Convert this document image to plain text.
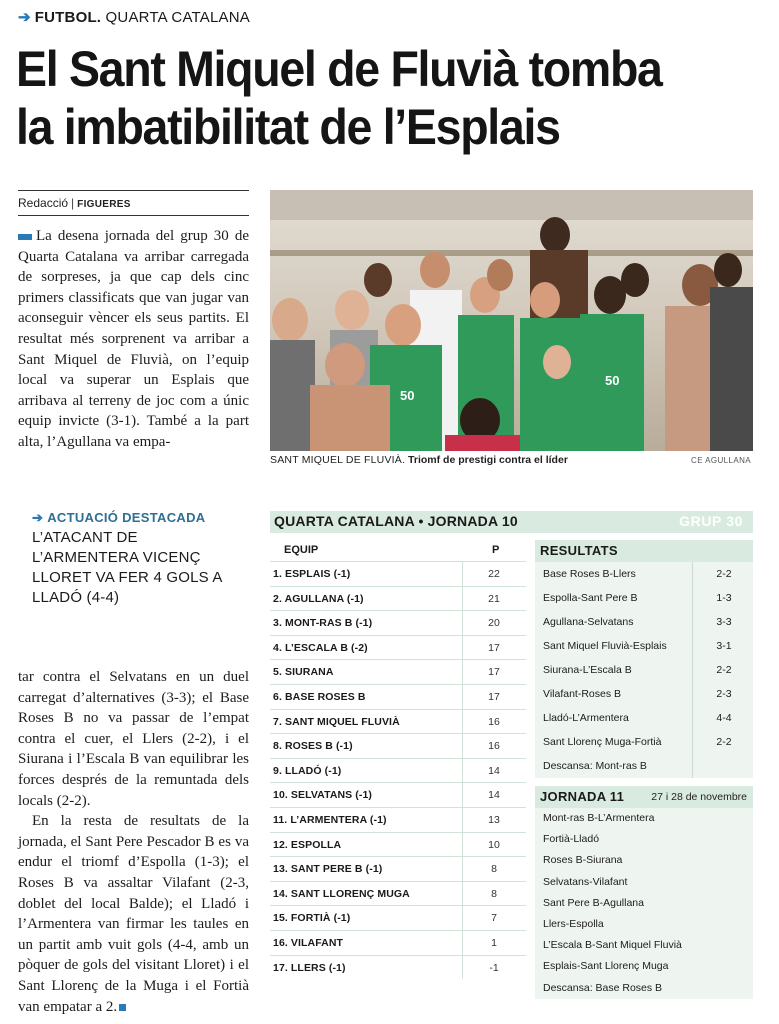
➔ FUTBOL. QUARTA CATALANA
El Sant Miquel de Fluvià tomba
la imbatibilitat de l’Esplais
Redacció | FIGUERES

La desena jornada del grup 30 de Quarta Catalana va arribar carregada de sorpreses, ja que cap dels cinc primers classificats que van jugar van aconseguir vèncer els seus partits. El resultat més sorprenent va arribar a Sant Miquel de Fluvià, on l’equip local va superar un Esplais que arribava al terreny de joc com a únic equip invicte (3-1). També a la part alta, l’Agullana va empa-

➔ ACTUACIÓ DESTACADA
L’ATACANT DE L’ARMENTERA VICENÇ LLORET VA FER 4 GOLS A LLADÓ (4-4)

tar contra el Selvatans en un duel carregat d’alternatives (3-3); el Base Roses B no va passar de l’empat contra el cuer, el Llers (2-2), i el Siurana i l’Escala B van equilibrar les forces després de la remuntada dels locals (2-2).

En la resta de resultats de la jornada, el Sant Pere Pescador B es va endur el triomf d’Espolla (1-3); el Roses B va assaltar Vilafant (2-3, doblet del local Balde); el Lladó i l’Armentera van firmar les taules en un partit amb vuit gols (4-4, amb un pòquer de gols del visitant Lloret) i el Sant Llorenç de la Muga i el Fortià van empatar a 2.

50
50
SANT MIQUEL DE FLUVIÀ. Triomf de prestigi contra el líder	CE AGULLANA
QUARTA CATALANA • JORNADA 10	GRUP 30
EQUIP	P
1. ESPLAIS (-1)	22
2. AGULLANA (-1)	21
3. MONT-RAS B (-1)	20
4. L’ESCALA B (-2)	17
5. SIURANA	17
6. BASE ROSES B	17
7. SANT MIQUEL FLUVIÀ	16
8. ROSES B (-1)	16
9. LLADÓ (-1)	14
10. SELVATANS (-1)	14
11. L’ARMENTERA (-1)	13
12. ESPOLLA	10
13. SANT PERE B (-1)	8
14. SANT LLORENÇ MUGA	8
15. FORTIÀ (-1)	7
16. VILAFANT	1
17. LLERS (-1)	-1
RESULTATS
Base Roses B-Llers	2-2
Espolla-Sant Pere B	1-3
Agullana-Selvatans	3-3
Sant Miquel Fluvià-Esplais	3-1
Siurana-L’Escala B	2-2
Vilafant-Roses B	2-3
Lladó-L’Armentera	4-4
Sant Llorenç Muga-Fortià	2-2
Descansa: Mont-ras B
JORNADA 11	27 i 28 de novembre
Mont-ras B-L’Armentera
Fortià-Lladó
Roses B-Siurana
Selvatans-Vilafant
Sant Pere B-Agullana
Llers-Espolla
L’Escala B-Sant Miquel Fluvià
Esplais-Sant Llorenç Muga
Descansa: Base Roses B
